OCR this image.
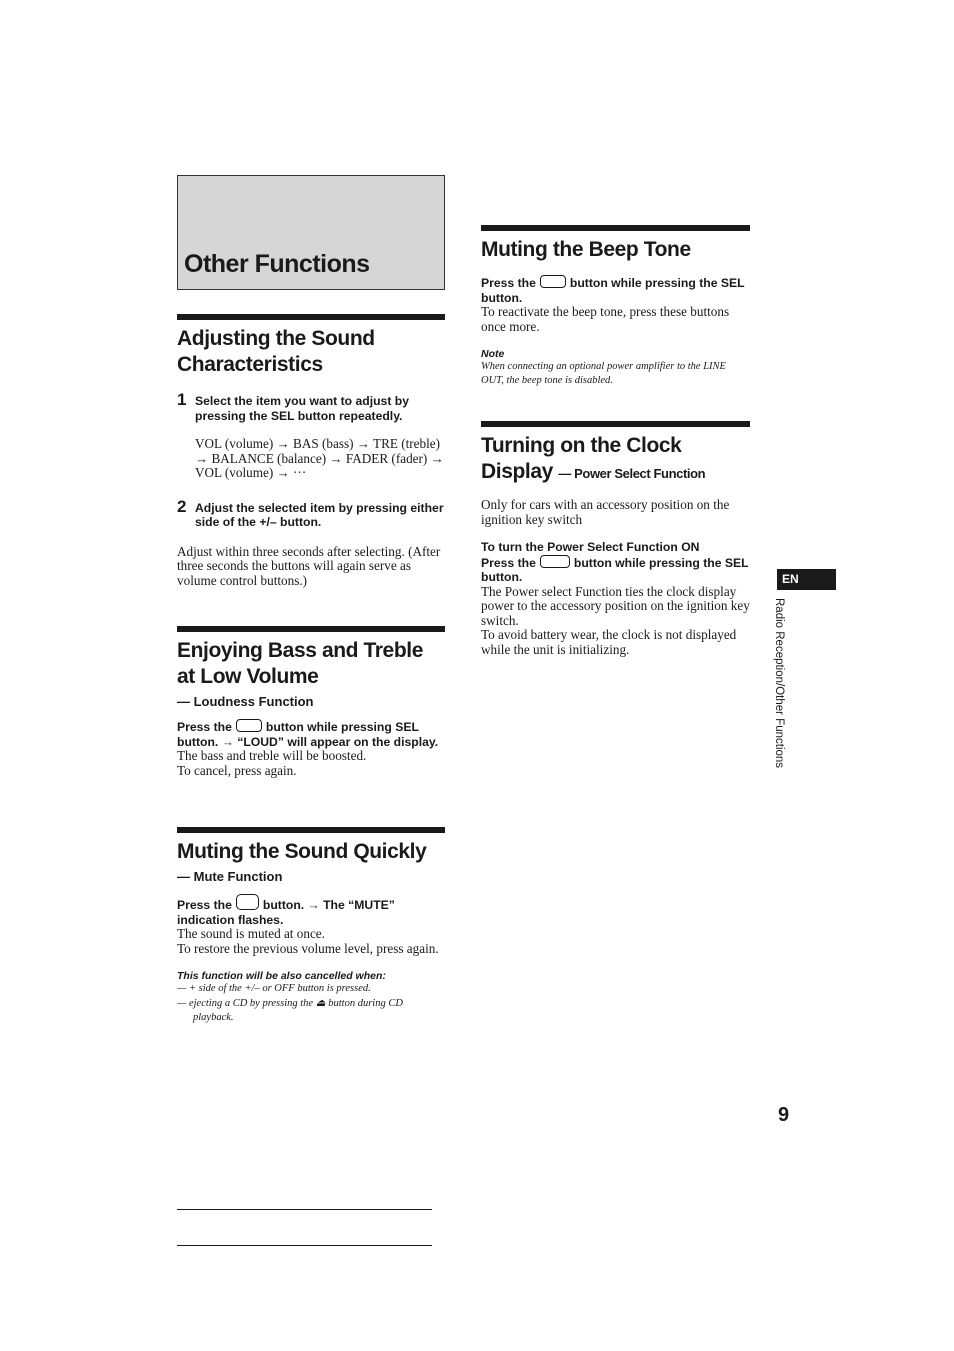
Other Functions
Adjusting the Sound
Characteristics
1 Select the item you want to adjust by pressing the SEL button repeatedly.

VOL (volume) → BAS (bass) → TRE (treble) → BALANCE (balance) → FADER (fader) → VOL (volume) → ···

2 Adjust the selected item by pressing either side of the +/– button.

Adjust within three seconds after selecting. (After three seconds the buttons will again serve as volume control buttons.)

Enjoying Bass and Treble
at Low Volume
— Loudness Function

Press the	button while pressing SEL button. → “LOUD” will appear on the display.

The bass and treble will be boosted.

To cancel, press again.

Muting the Sound Quickly
— Mute Function

Press the	button. → The “MUTE” indication flashes.

The sound is muted at once.

To restore the previous volume level, press again.

This function will be also cancelled when:

— + side of the +/– or OFF button is pressed.
— ejecting a CD by pressing the ⏏ button during CD playback.
Muting the Beep Tone

Press the	button while pressing the SEL button.

To reactivate the beep tone, press these buttons once more.

Note

When connecting an optional power amplifier to the LINE OUT, the beep tone is disabled.

Turning on the Clock
Display — Power Select Function

Only for cars with an accessory position on the ignition key switch

To turn the Power Select Function ON

Press the	button while pressing the SEL button.

The Power select Function ties the clock display power to the accessory position on the ignition key switch.

To avoid battery wear, the clock is not displayed while the unit is initializing.

EN
Radio Reception/Other Functions
9
